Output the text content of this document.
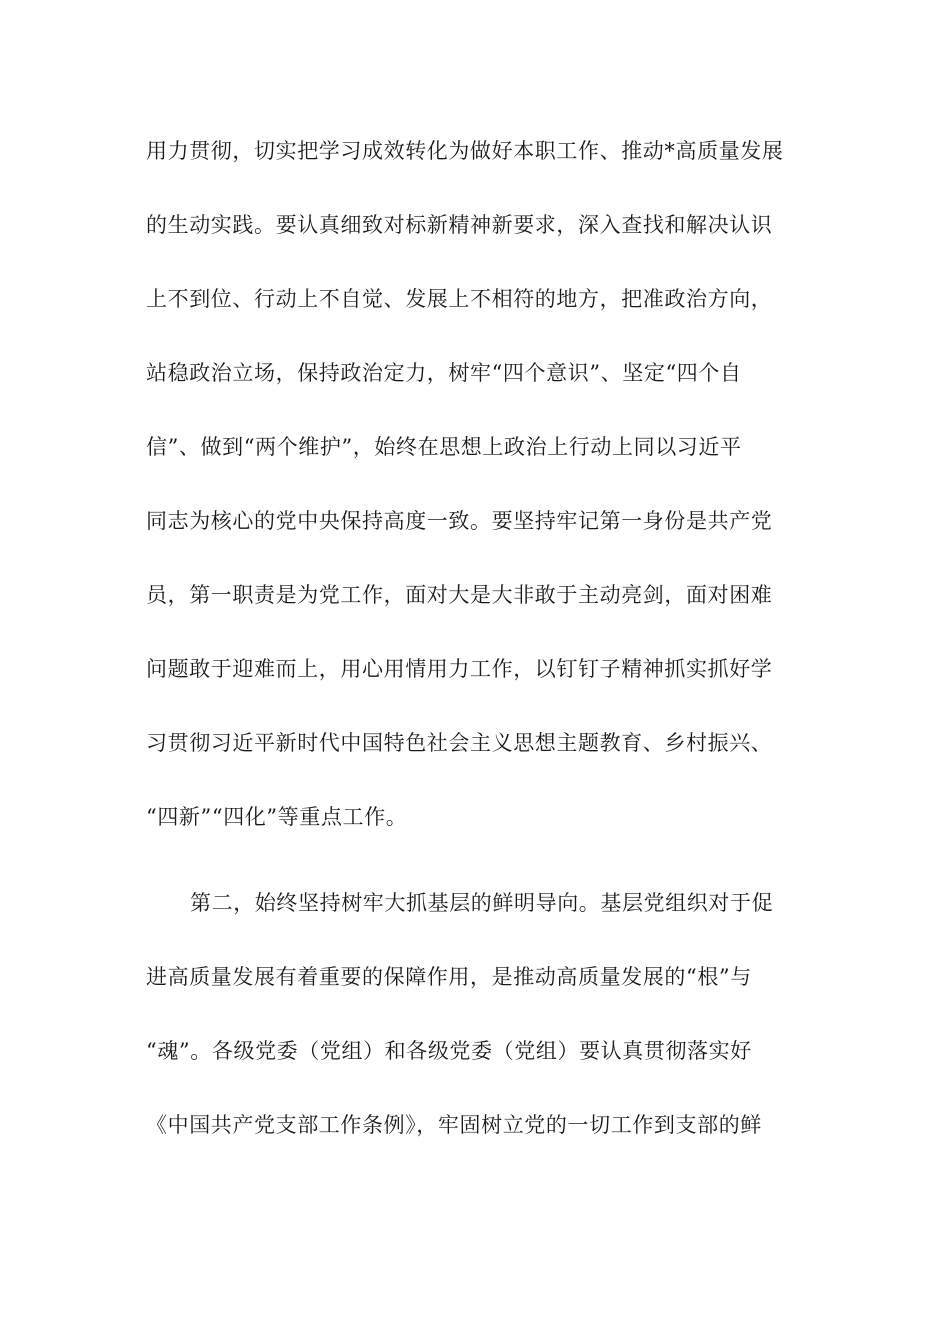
用力贯彻，切实把学习成效转化为做好本职工作、推动*高质量发展
的生动实践。要认真细致对标新精神新要求，深入查找和解决认识
上不到位、行动上不自觉、发展上不相符的地方，把准政治方向，
站稳政治立场，保持政治定力，树牢“四个意识”、坚定“四个自
信”、做到“两个维护”，始终在思想上政治上行动上同以习近平
同志为核心的党中央保持高度一致。要坚持牢记第一身份是共产党
员，第一职责是为党工作，面对大是大非敢于主动亮剑，面对困难
问题敢于迎难而上，用心用情用力工作，以钉钉子精神抓实抓好学
习贯彻习近平新时代中国特色社会主义思想主题教育、乡村振兴、
“四新”“四化”等重点工作。
第二，始终坚持树牢大抓基层的鲜明导向。基层党组织对于促
进高质量发展有着重要的保障作用，是推动高质量发展的“根”与
“魂”。各级党委（党组）和各级党委（党组）要认真贯彻落实好
《中国共产党支部工作条例》，牢固树立党的一切工作到支部的鲜
